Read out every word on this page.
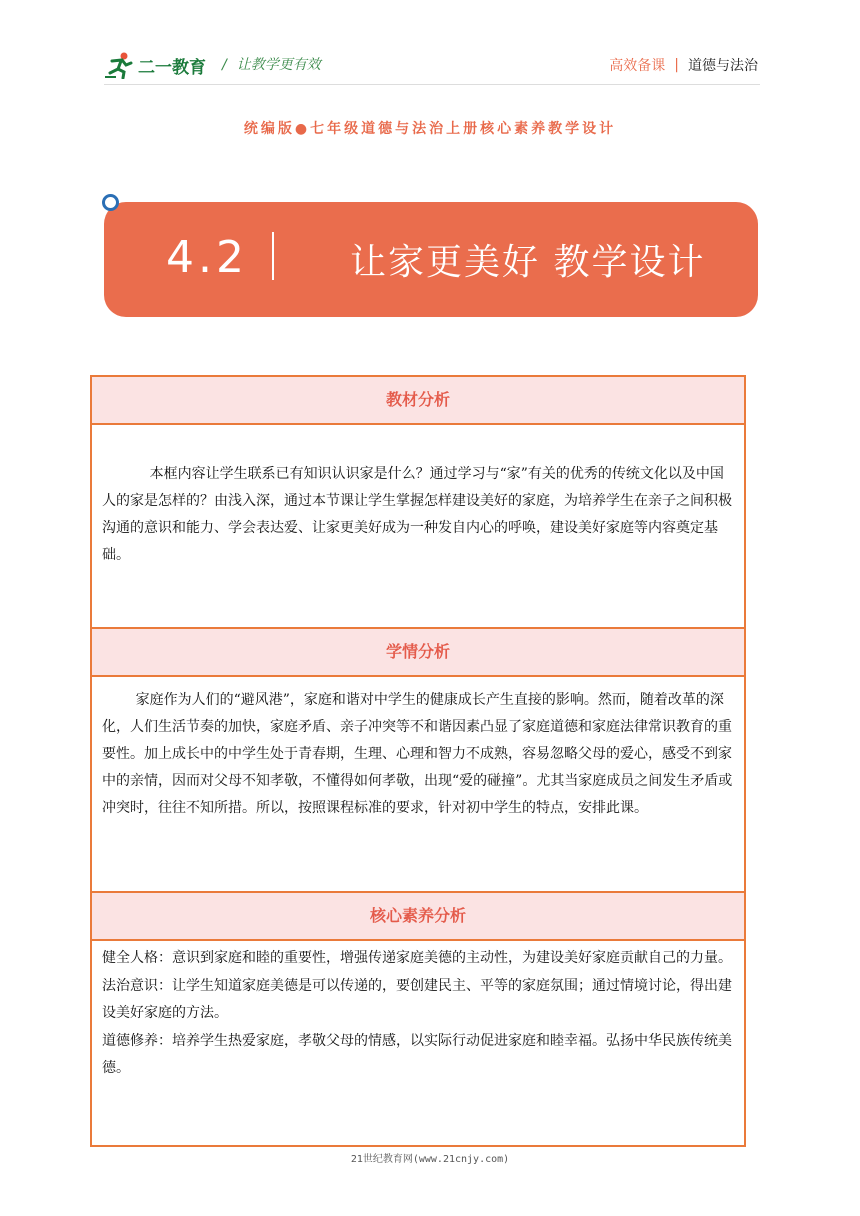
二一教育 / 让教学更有效	高效备课 | 道德与法治
统编版●七年级道德与法治上册核心素养教学设计
4.2	让家更美好 教学设计
教材分析
本框内容让学生联系已有知识认识家是什么？通过学习与“家”有关的优秀的传统文化以及中国人的家是怎样的？由浅入深，通过本节课让学生掌握怎样建设美好的家庭，为培养学生在亲子之间积极沟通的意识和能力、学会表达爱、让家更美好成为一种发自内心的呼唤，建设美好家庭等内容奠定基础。
学情分析
家庭作为人们的“避风港”，家庭和谐对中学生的健康成长产生直接的影响。然而，随着改革的深化，人们生活节奏的加快，家庭矛盾、亲子冲突等不和谐因素凸显了家庭道德和家庭法律常识教育的重要性。加上成长中的中学生处于青春期，生理、心理和智力不成熟，容易忽略父母的爱心，感受不到家中的亲情，因而对父母不知孝敬，不懂得如何孝敬，出现“爱的碰撞”。尤其当家庭成员之间发生矛盾或冲突时，往往不知所措。所以，按照课程标准的要求，针对初中学生的特点，安排此课。
核心素养分析
健全人格：意识到家庭和睦的重要性，增强传递家庭美德的主动性，为建设美好家庭贡献自己的力量。
法治意识：让学生知道家庭美德是可以传递的，要创建民主、平等的家庭氛围；通过情境讨论，得出建设美好家庭的方法。
道德修养：培养学生热爱家庭，孝敬父母的情感，以实际行动促进家庭和睦幸福。弘扬中华民族传统美德。
21世纪教育网(www.21cnjy.com)
